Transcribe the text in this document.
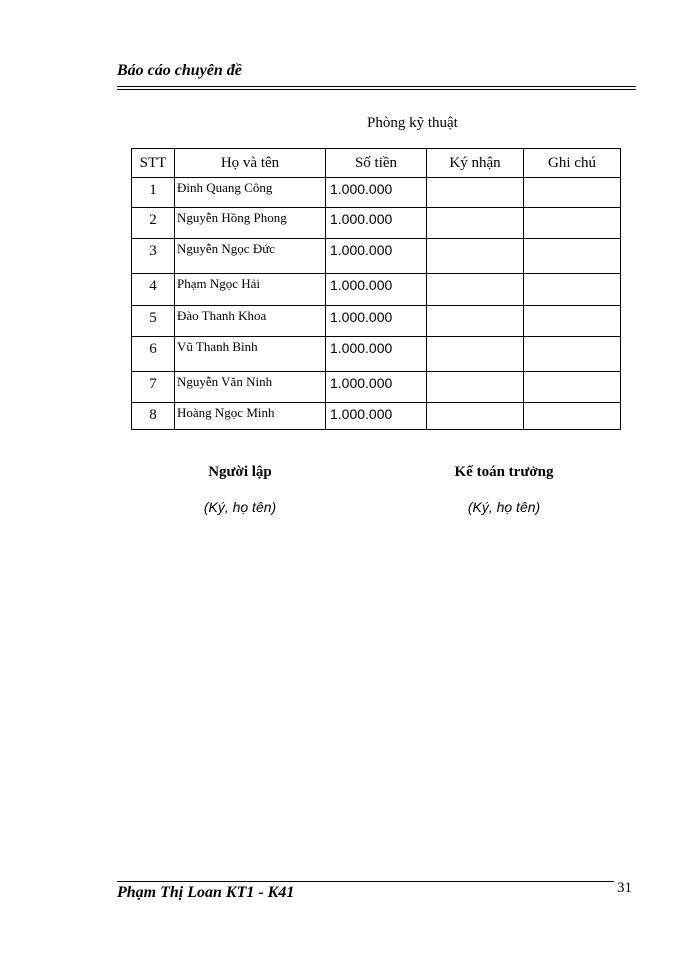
Báo cáo chuyên đề
Phòng kỹ thuật
STT	Họ và tên	Số tiền	Ký nhận	Ghi chú
1	Đinh Quang Công	1.000.000		
2	Nguyễn Hồng Phong	1.000.000		
3	Nguyễn Ngọc Đức	1.000.000		
4	Phạm Ngọc Hải	1.000.000		
5	Đào Thanh Khoa	1.000.000		
6	Vũ Thanh Bình	1.000.000		
7	Nguyễn Văn Ninh	1.000.000		
8	Hoàng Ngọc Minh	1.000.000		
Người lập
(Ký, họ tên)
Kế toán trưởng
(Ký, họ tên)
Phạm Thị Loan KT1 - K41	31
